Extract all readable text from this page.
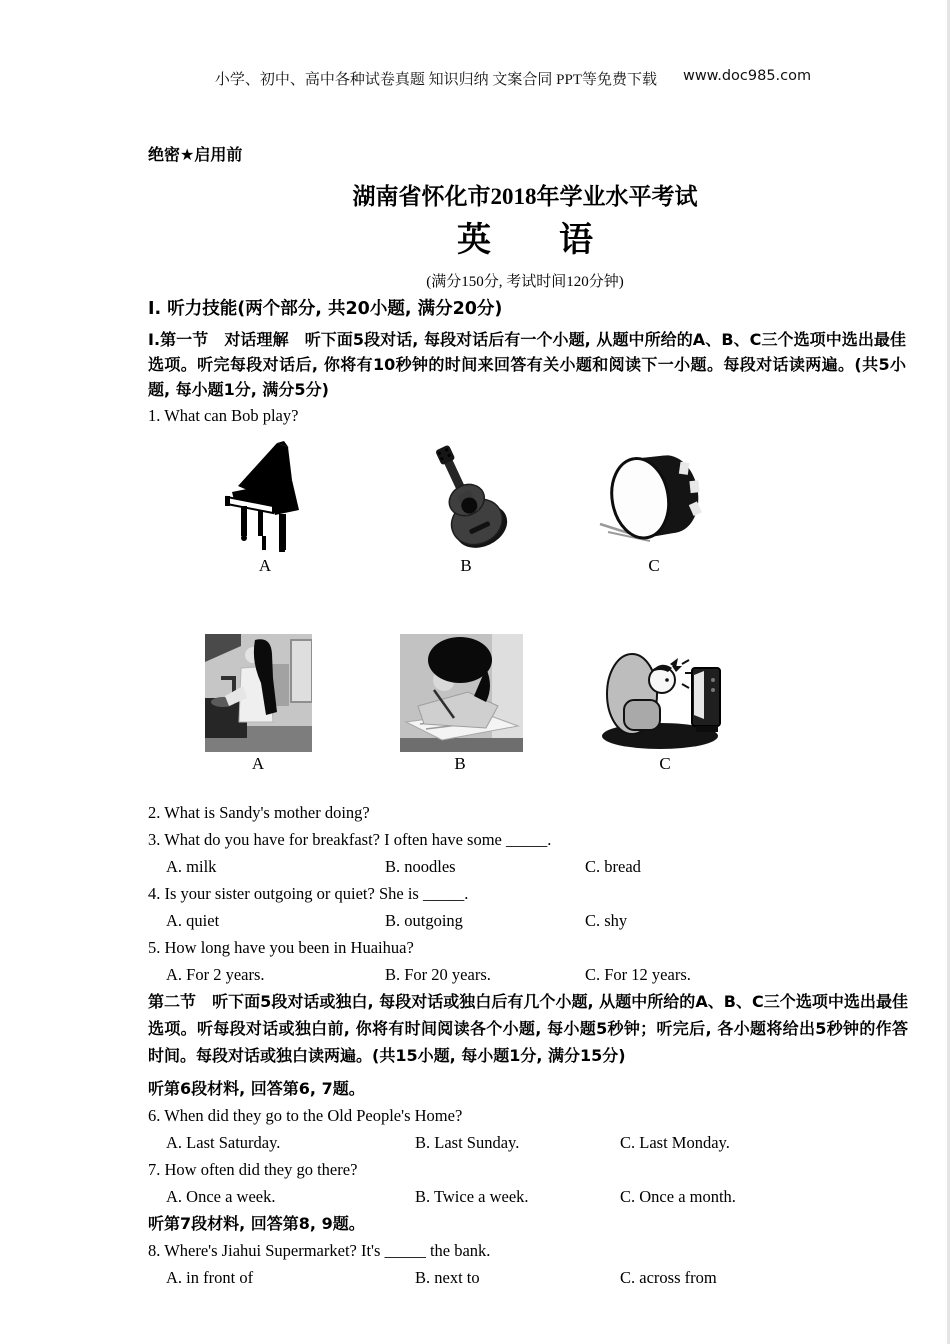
小学、初中、高中各种试卷真题 知识归纳 文案合同 PPT等免费下载 www.doc985.com
绝密★启用前
湖南省怀化市2018年学业水平考试
英　　语
(满分150分, 考试时间120分钟)
Ⅰ. 听力技能(两个部分, 共20小题, 满分20分)
I.第一节　对话理解　听下面5段对话, 每段对话后有一个小题, 从题中所给的A、B、C三个选项中选出最佳选项。听完每段对话后, 你将有10秒钟的时间来回答有关小题和阅读下一小题。每段对话读两遍。(共5小题, 每小题1分, 满分5分)
1. What can Bob play?
A	B	C
A	B	C
2. What is Sandy's mother doing?
3. What do you have for breakfast? I often have some _____.
A. milk	B. noodles	C. bread
4. Is your sister outgoing or quiet? She is _____.
A. quiet	B. outgoing	C. shy
5. How long have you been in Huaihua?
A. For 2 years.	B. For 20 years.	C. For 12 years.
第二节　听下面5段对话或独白, 每段对话或独白后有几个小题, 从题中所给的A、B、C三个选项中选出最佳选项。听每段对话或独白前, 你将有时间阅读各个小题, 每小题5秒钟；听完后, 各小题将给出5秒钟的作答时间。每段对话或独白读两遍。(共15小题, 每小题1分, 满分15分)
听第6段材料, 回答第6, 7题。
6. When did they go to the Old People's Home?
A. Last Saturday.	B. Last Sunday.	C. Last Monday.
7. How often did they go there?
A. Once a week.	B. Twice a week.	C. Once a month.
听第7段材料, 回答第8, 9题。
8. Where's Jiahui Supermarket? It's _____ the bank.
A. in front of	B. next to	C. across from
